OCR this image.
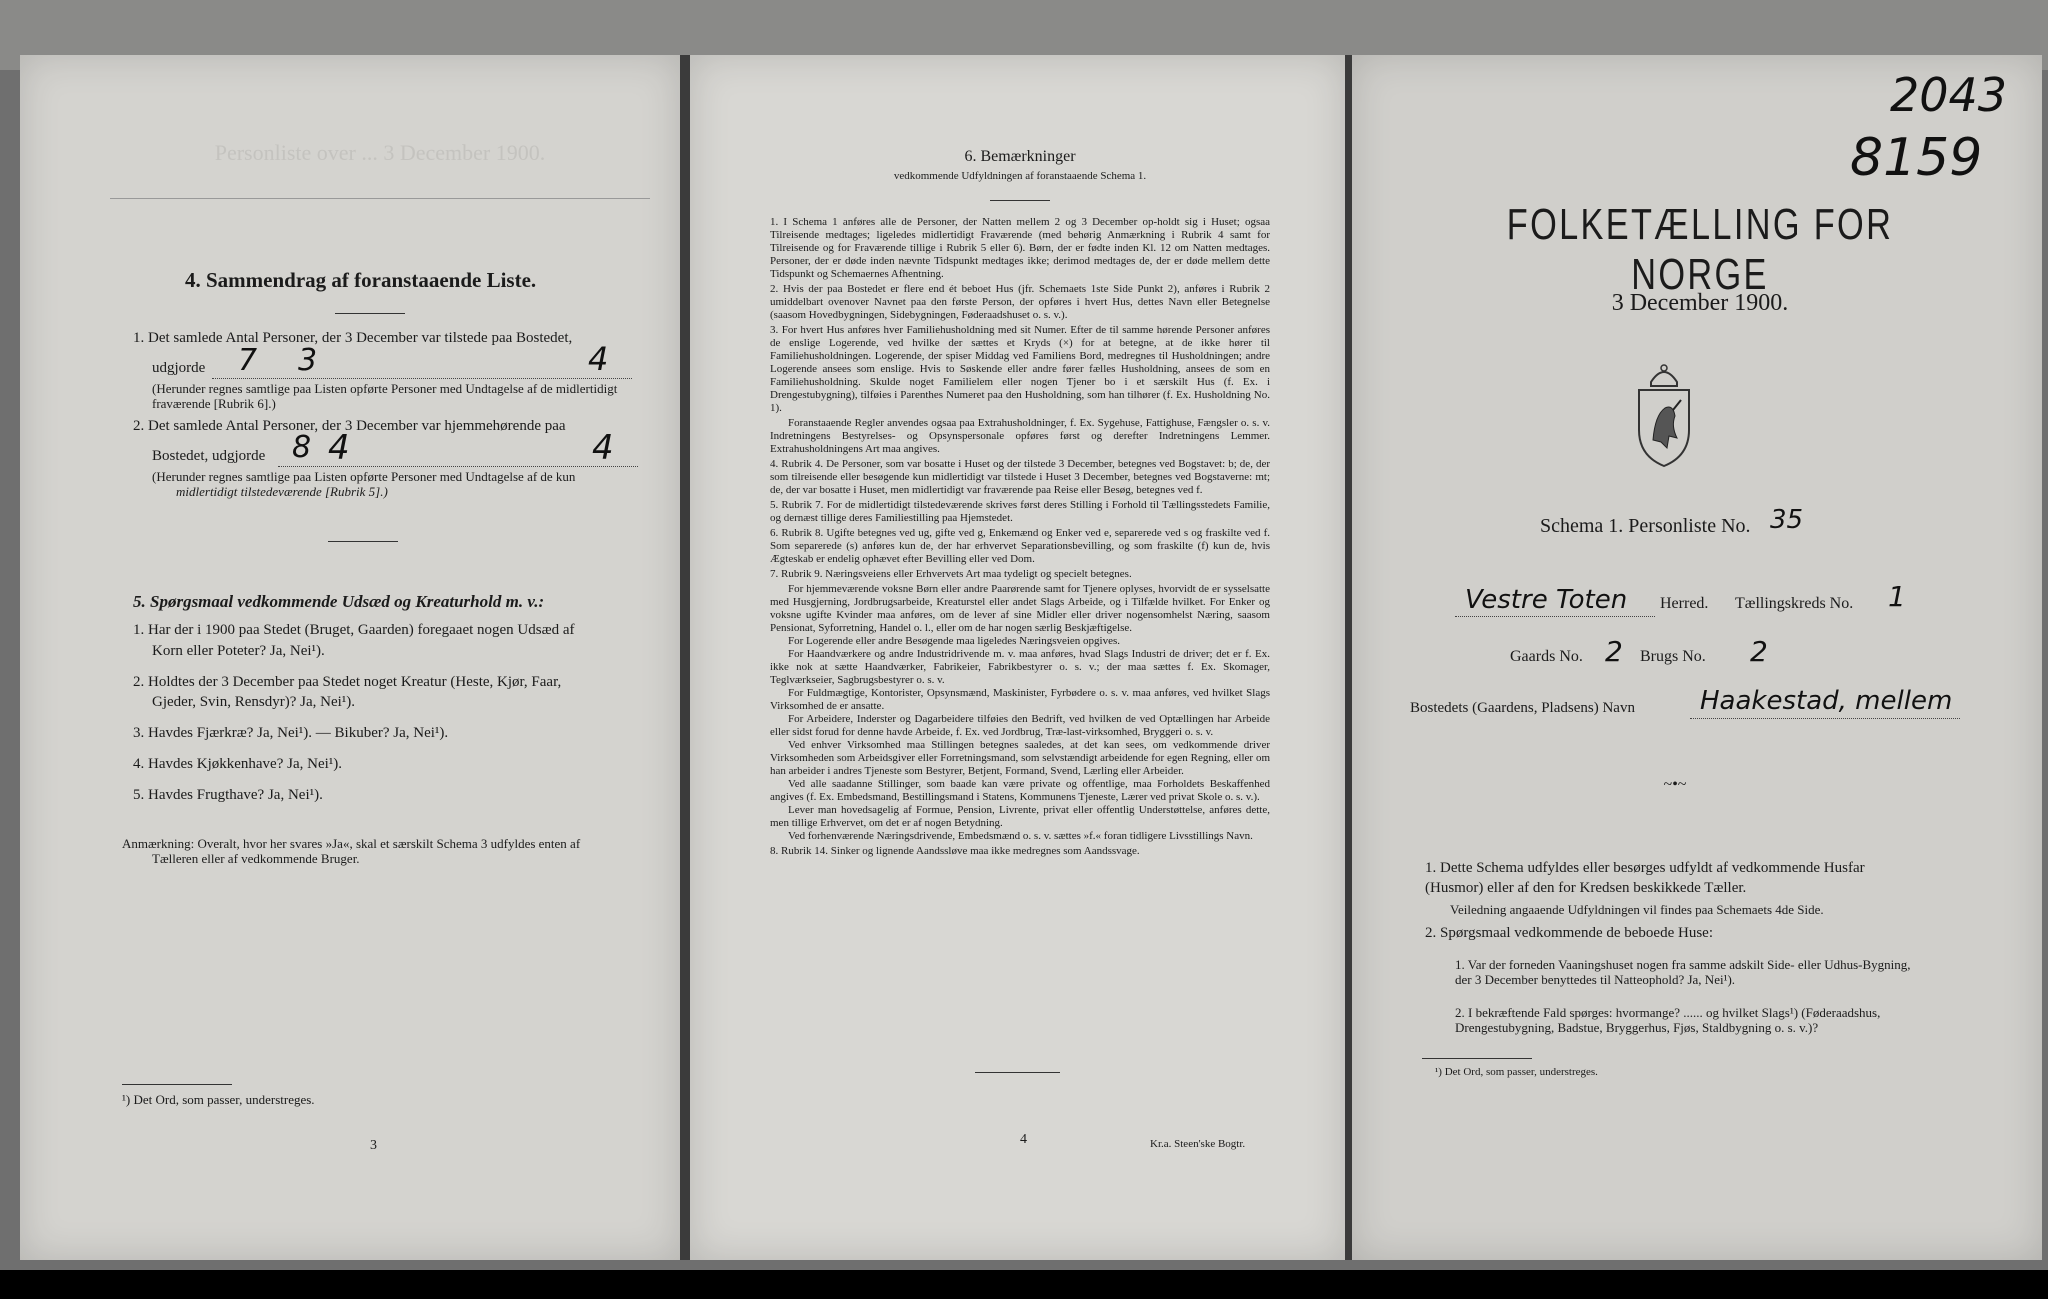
Personliste over ... 3 December 1900.
4. Sammendrag af foranstaaende Liste.
1. Det samlede Antal Personer, der 3 December var tilstede paa Bostedet,
udgjorde 7 3	4
(Herunder regnes samtlige paa Listen opførte Personer med Undtagelse af de midlertidigt
fraværende [Rubrik 6].)
2. Det samlede Antal Personer, der 3 December var hjemmehørende paa
Bostedet, udgjorde 8 4	4
(Herunder regnes samtlige paa Listen opførte Personer med Undtagelse af de kun
midlertidigt tilstedeværende [Rubrik 5].)
5. Spørgsmaal vedkommende Udsæd og Kreaturhold m. v.:
1. Har der i 1900 paa Stedet (Bruget, Gaarden) foregaaet nogen Udsæd af
Korn eller Poteter? Ja, Nei¹).
2. Holdtes der 3 December paa Stedet noget Kreatur (Heste, Kjør, Faar,
Gjeder, Svin, Rensdyr)? Ja, Nei¹).
3. Havdes Fjærkræ? Ja, Nei¹). — Bikuber? Ja, Nei¹).
4. Havdes Kjøkkenhave? Ja, Nei¹).
5. Havdes Frugthave? Ja, Nei¹).
Anmærkning: Overalt, hvor her svares »Ja«, skal et særskilt Schema 3 udfyldes enten af
Tælleren eller af vedkommende Bruger.
¹) Det Ord, som passer, understreges.
3
6. Bemærkninger
vedkommende Udfyldningen af foranstaaende Schema 1.

1. I Schema 1 anføres alle de Personer, der Natten mellem 2 og 3 December op-holdt sig i Huset; ogsaa Tilreisende medtages; ligeledes midlertidigt Fraværende (med behørig Anmærkning i Rubrik 4 samt for Tilreisende og for Fraværende tillige i Rubrik 5 eller 6). Børn, der er fødte inden Kl. 12 om Natten medtages. Personer, der er døde inden nævnte Tidspunkt medtages ikke; derimod medtages de, der er døde mellem dette Tidspunkt og Schemaernes Afhentning.

2. Hvis der paa Bostedet er flere end ét beboet Hus (jfr. Schemaets 1ste Side Punkt 2), anføres i Rubrik 2 umiddelbart ovenover Navnet paa den første Person, der opføres i hvert Hus, dettes Navn eller Betegnelse (saasom Hovedbygningen, Sidebygningen, Føderaadshuset o. s. v.).

3. For hvert Hus anføres hver Familiehusholdning med sit Numer. Efter de til samme hørende Personer anføres de enslige Logerende, ved hvilke der sættes et Kryds (×) for at betegne, at de ikke hører til Familiehusholdningen. Logerende, der spiser Middag ved Familiens Bord, medregnes til Husholdningen; andre Logerende ansees som enslige. Hvis to Søskende eller andre fører fælles Husholdning, ansees de som en Familiehusholdning. Skulde noget Familielem eller nogen Tjener bo i et særskilt Hus (f. Ex. i Drengestubygning), tilføies i Parenthes Numeret paa den Husholdning, som han tilhører (f. Ex. Husholdning No. 1).

Foranstaaende Regler anvendes ogsaa paa Extrahusholdninger, f. Ex. Sygehuse, Fattighuse, Fængsler o. s. v. Indretningens Bestyrelses- og Opsynspersonale opføres først og derefter Indretningens Lemmer. Extrahusholdningens Art maa angives.

4. Rubrik 4. De Personer, som var bosatte i Huset og der tilstede 3 December, betegnes ved Bogstavet: b; de, der som tilreisende eller besøgende kun midlertidigt var tilstede i Huset 3 December, betegnes ved Bogstaverne: mt; de, der var bosatte i Huset, men midlertidigt var fraværende paa Reise eller Besøg, betegnes ved f.

5. Rubrik 7. For de midlertidigt tilstedeværende skrives først deres Stilling i Forhold til Tællingsstedets Familie, og dernæst tillige deres Familiestilling paa Hjemstedet.

6. Rubrik 8. Ugifte betegnes ved ug, gifte ved g, Enkemænd og Enker ved e, separerede ved s og fraskilte ved f. Som separerede (s) anføres kun de, der har erhvervet Separationsbevilling, og som fraskilte (f) kun de, hvis Ægteskab er endelig ophævet efter Bevilling eller ved Dom.

7. Rubrik 9. Næringsveiens eller Erhvervets Art maa tydeligt og specielt betegnes.

For hjemmeværende voksne Børn eller andre Paarørende samt for Tjenere oplyses, hvorvidt de er sysselsatte med Husgjerning, Jordbrugsarbeide, Kreaturstel eller andet Slags Arbeide, og i Tilfælde hvilket. For Enker og voksne ugifte Kvinder maa anføres, om de lever af sine Midler eller driver nogensomhelst Næring, saasom Pensionat, Syforretning, Handel o. l., eller om de har nogen særlig Beskjæftigelse.

For Logerende eller andre Besøgende maa ligeledes Næringsveien opgives.

For Haandværkere og andre Industridrivende m. v. maa anføres, hvad Slags Industri de driver; det er f. Ex. ikke nok at sætte Haandværker, Fabrikeier, Fabrikbestyrer o. s. v.; der maa sættes f. Ex. Skomager, Teglværkseier, Sagbrugsbestyrer o. s. v.

For Fuldmægtige, Kontorister, Opsynsmænd, Maskinister, Fyrbødere o. s. v. maa anføres, ved hvilket Slags Virksomhed de er ansatte.

For Arbeidere, Inderster og Dagarbeidere tilføies den Bedrift, ved hvilken de ved Optællingen har Arbeide eller sidst forud for denne havde Arbeide, f. Ex. ved Jordbrug, Træ-last-virksomhed, Bryggeri o. s. v.

Ved enhver Virksomhed maa Stillingen betegnes saaledes, at det kan sees, om vedkommende driver Virksomheden som Arbeidsgiver eller Forretningsmand, som selvstændigt arbeidende for egen Regning, eller om han arbeider i andres Tjeneste som Bestyrer, Betjent, Formand, Svend, Lærling eller Arbeider.

Ved alle saadanne Stillinger, som baade kan være private og offentlige, maa Forholdets Beskaffenhed angives (f. Ex. Embedsmand, Bestillingsmand i Statens, Kommunens Tjeneste, Lærer ved privat Skole o. s. v.).

Lever man hovedsagelig af Formue, Pension, Livrente, privat eller offentlig Understøttelse, anføres dette, men tillige Erhvervet, om det er af nogen Betydning.

Ved forhenværende Næringsdrivende, Embedsmænd o. s. v. sættes »f.« foran tidligere Livsstillings Navn.

8. Rubrik 14. Sinker og lignende Aandssløve maa ikke medregnes som Aandssvage.

4	Kr.a. Steen'ske Bogtr.
2043
8159
FOLKETÆLLING FOR NORGE
3 December 1900.
Schema 1. Personliste No. 35
Vestre Toten Herred. Tællingskreds No. 1
Gaards No. 2 Brugs No. 2
Bostedets (Gaardens, Pladsens) Navn	Haakestad, mellem
~•~
1. Dette Schema udfyldes eller besørges udfyldt af vedkommende Husfar (Husmor) eller af den for Kredsen beskikkede Tæller.
Veiledning angaaende Udfyldningen vil findes paa Schemaets 4de Side.
2. Spørgsmaal vedkommende de beboede Huse:
1. Var der forneden Vaaningshuset nogen fra samme adskilt Side- eller Udhus-Bygning, der 3 December benyttedes til Natteophold? Ja, Nei¹).
2. I bekræftende Fald spørges: hvormange? ...... og hvilket Slags¹) (Føderaadshus, Drengestubygning, Badstue, Bryggerhus, Fjøs, Staldbygning o. s. v.)?
¹) Det Ord, som passer, understreges.
